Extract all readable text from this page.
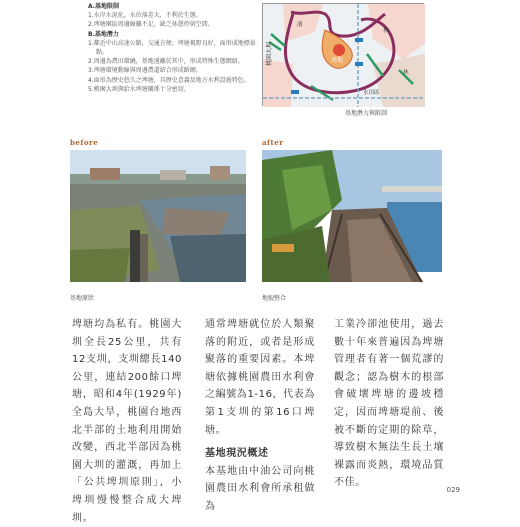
A.基地限制
1.水岸水泥化，水位落差大，不利於生態。
2.埤塘園區周邊綠籬不足，缺乏休憩停留空間。
B.基地潛力
1.鄰近中山高速公路，交通方便，埤塘視野良好，面形成地標景點。
2.周邊為農田環繞，基地遠離於其中，形成特殊生態網絡。
3.埤塘環境動線與周邊農道結合形成路網。
4.面形為歷史悠久之埤塘，具歷史意義及地方水利設施特色。
5.桃園大圳與給水埤塘關係十分密切。
桃園大圳	基地
水田區
林
林
濱
基地潛力與限制
before	after
基地原狀	地貌整合
埤塘均為私有。桃園大圳全長25公里，共有12支圳，支圳總長140公里，連結200餘口埤塘，昭和4年(1929年)全島大旱，桃園台地西北半部的土地利用開始改變，西北半部因為桃園大圳的灌溉，再加上「公共埤圳原則」，小埤圳慢慢整合成大埤圳。
通常埤塘就位於人類聚落的附近，或者是形成聚落的重要因素。本埤塘依據桃園農田水利會之編號為1-16，代表為第1支圳的第16口埤塘。
基地現況概述
本基地由中油公司向桃園農田水利會所承租做為
工業冷卻池使用，過去數十年來普遍因為埤塘管理者有著一個荒謬的觀念；認為樹木的根部會破壞埤塘的邊坡穩定，因而埤塘堤前、後被不斷的定期的除草，導致樹木無法生長土壤裸露而炎熱，環境品質不佳。
029
